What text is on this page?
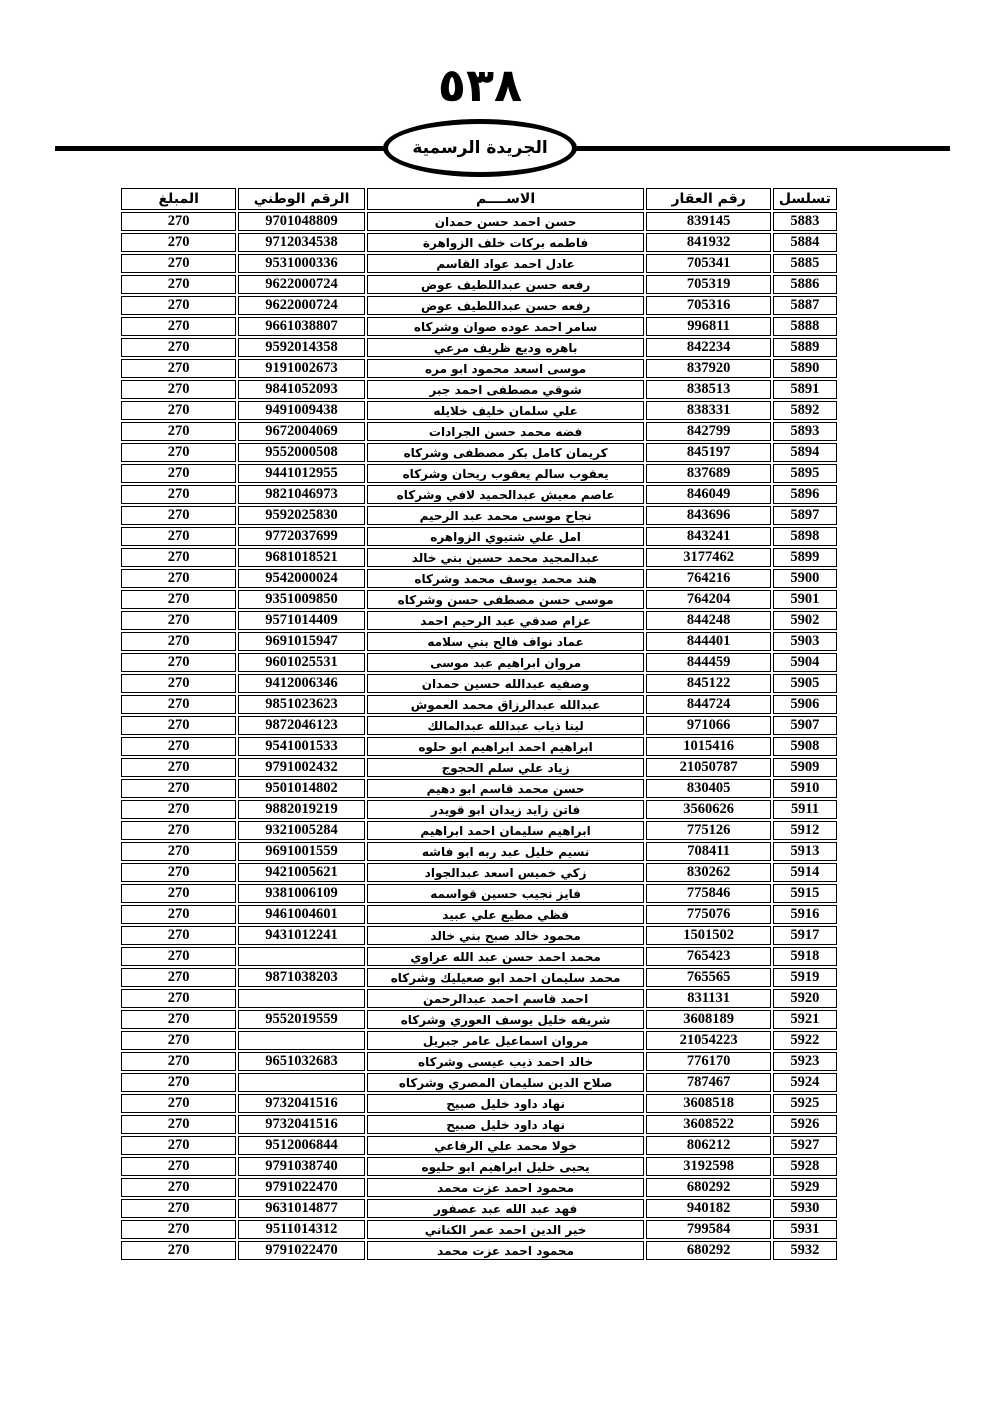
٥٣٨
الجريدة الرسمية
تسلسل	رقم العقار	الاســــم	الرقم الوطني	المبلغ
5883	839145	حسن احمد حسن حمدان	9701048809	270
5884	841932	فاطمه بركات خلف الزواهرة	9712034538	270
5885	705341	عادل احمد عواد القاسم	9531000336	270
5886	705319	رفعه حسن عبداللطيف عوض	9622000724	270
5887	705316	رفعه حسن عبداللطيف عوض	9622000724	270
5888	996811	سامر احمد عوده صوان وشركاه	9661038807	270
5889	842234	باهره وديع ظريف مرعي	9592014358	270
5890	837920	موسى اسعد محمود ابو مره	9191002673	270
5891	838513	شوقي مصطفى احمد جبر	9841052093	270
5892	838331	علي سلمان خليف خلايله	9491009438	270
5893	842799	فضه محمد حسن الجرادات	9672004069	270
5894	845197	كريمان كامل بكر مصطفى وشركاه	9552000508	270
5895	837689	يعقوب سالم يعقوب ريحان وشركاه	9441012955	270
5896	846049	عاصم معيش عبدالحميد لافي وشركاه	9821046973	270
5897	843696	نجاح موسى محمد عبد الرحيم	9592025830	270
5898	843241	امل علي شتيوي الزواهره	9772037699	270
5899	3177462	عبدالمجيد محمد حسين بني خالد	9681018521	270
5900	764216	هند محمد يوسف محمد وشركاه	9542000024	270
5901	764204	موسى حسن مصطفى حسن وشركاه	9351009850	270
5902	844248	عزام صدقي عبد الرحيم احمد	9571014409	270
5903	844401	عماد نواف فالح بني سلامه	9691015947	270
5904	844459	مروان ابراهيم عبد موسى	9601025531	270
5905	845122	وصفيه عبدالله حسين حمدان	9412006346	270
5906	844724	عبدالله عبدالرزاق محمد العموش	9851023623	270
5907	971066	لينا ذياب عبدالله عبدالمالك	9872046123	270
5908	1015416	ابراهيم احمد ابراهيم ابو حلوه	9541001533	270
5909	21050787	زياد علي سلم الحجوج	9791002432	270
5910	830405	حسن محمد قاسم ابو دهيم	9501014802	270
5911	3560626	فاتن زايد زيدان ابو قويدر	9882019219	270
5912	775126	ابراهيم سليمان احمد ابراهيم	9321005284	270
5913	708411	نسيم خليل عبد ربه ابو فاشه	9691001559	270
5914	830262	زكي خميس اسعد عبدالجواد	9421005621	270
5915	775846	فايز نجيب حسين قواسمه	9381006109	270
5916	775076	فظي مطيع علي عبيد	9461004601	270
5917	1501502	محمود خالد صبح بني خالد	9431012241	270
5918	765423	محمد احمد حسن عبد الله عراوي		270
5919	765565	محمد سليمان احمد ابو صعيليك وشركاه	9871038203	270
5920	831131	احمد قاسم احمد عبدالرحمن		270
5921	3608189	شريفه خليل يوسف العوري وشركاه	9552019559	270
5922	21054223	مروان اسماعيل عامر جبريل		270
5923	776170	خالد احمد ذيب عيسى وشركاه	9651032683	270
5924	787467	صلاح الدين سليمان المصري وشركاه		270
5925	3608518	نهاد داود خليل صبيح	9732041516	270
5926	3608522	نهاد داود خليل صبيح	9732041516	270
5927	806212	خولا محمد علي الرفاعي	9512006844	270
5928	3192598	يحيى خليل ابراهيم ابو حليوه	9791038740	270
5929	680292	محمود احمد عزت محمد	9791022470	270
5930	940182	فهد عبد الله عبد عصفور	9631014877	270
5931	799584	خير الدين احمد عمر الكناني	9511014312	270
5932	680292	محمود احمد عزت محمد	9791022470	270
